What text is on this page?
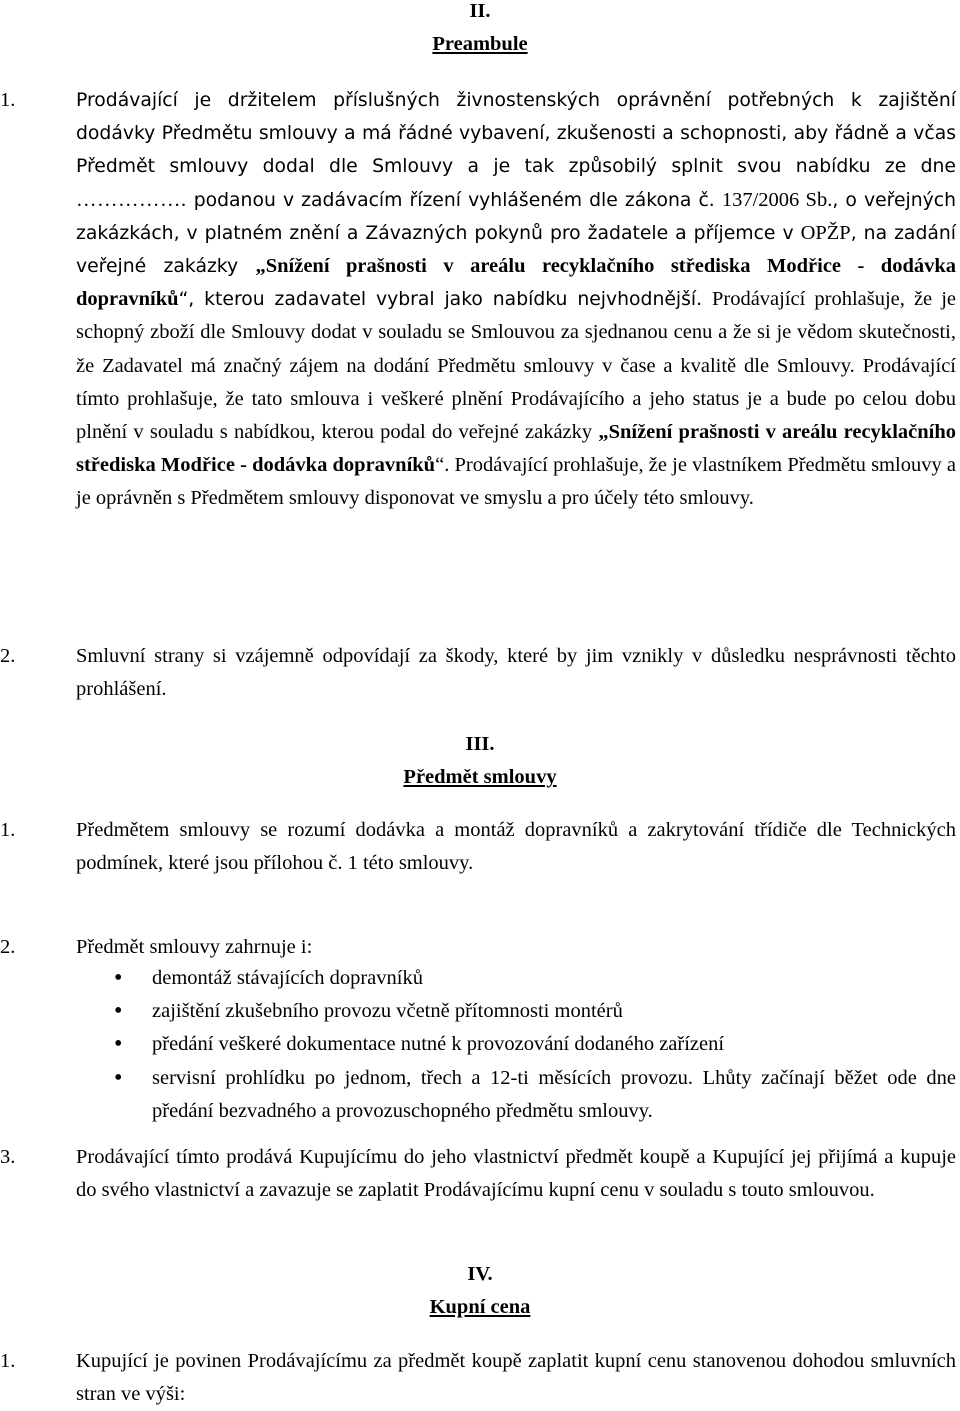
II.
Preambule
1.	Prodávající je držitelem příslušných živnostenských oprávnění potřebných k zajištění dodávky Předmětu smlouvy a má řádné vybavení, zkušenosti a schopnosti, aby řádně a včas Předmět smlouvy dodal dle Smlouvy a je tak způsobilý splnit svou nabídku ze dne ……………. podanou v zadávacím řízení vyhlášeném dle zákona č. 137/2006 Sb., o veřejných zakázkách, v platném znění a Závazných pokynů pro žadatele a příjemce v OPŽP, na zadání veřejné zakázky „Snížení prašnosti v areálu recyklačního střediska Modřice - dodávka dopravníků“, kterou zadavatel vybral jako nabídku nejvhodnější. Prodávající prohlašuje, že je schopný zboží dle Smlouvy dodat v souladu se Smlouvou za sjednanou cenu a že si je vědom skutečnosti, že Zadavatel má značný zájem na dodání Předmětu smlouvy v čase a kvalitě dle Smlouvy. Prodávající tímto prohlašuje, že tato smlouva i veškeré plnění Prodávajícího a jeho status je a bude po celou dobu plnění v souladu s nabídkou, kterou podal do veřejné zakázky „Snížení prašnosti v areálu recyklačního střediska Modřice - dodávka dopravníků“. Prodávající prohlašuje, že je vlastníkem Předmětu smlouvy a je oprávněn s Předmětem smlouvy disponovat ve smyslu a pro účely této smlouvy.
2.	Smluvní strany si vzájemně odpovídají za škody, které by jim vznikly v důsledku nesprávnosti těchto prohlášení.
III.
Předmět smlouvy
1.	Předmětem smlouvy se rozumí dodávka a montáž dopravníků a zakrytování třídiče dle Technických podmínek, které jsou přílohou č. 1 této smlouvy.
2.	Předmět smlouvy zahrnuje i:
• demontáž stávajících dopravníků
• zajištění zkušebního provozu včetně přítomnosti montérů
• předání veškeré dokumentace nutné k provozování dodaného zařízení
• servisní prohlídku po jednom, třech a 12-ti měsících provozu. Lhůty začínají běžet ode dne předání bezvadného a provozuschopného předmětu smlouvy.
3.	Prodávající tímto prodává Kupujícímu do jeho vlastnictví předmět koupě a Kupující jej přijímá a kupuje do svého vlastnictví a zavazuje se zaplatit Prodávajícímu kupní cenu v souladu s touto smlouvou.
IV.
Kupní cena
1.	Kupující je povinen Prodávajícímu za předmět koupě zaplatit kupní cenu stanovenou dohodou smluvních stran ve výši:
